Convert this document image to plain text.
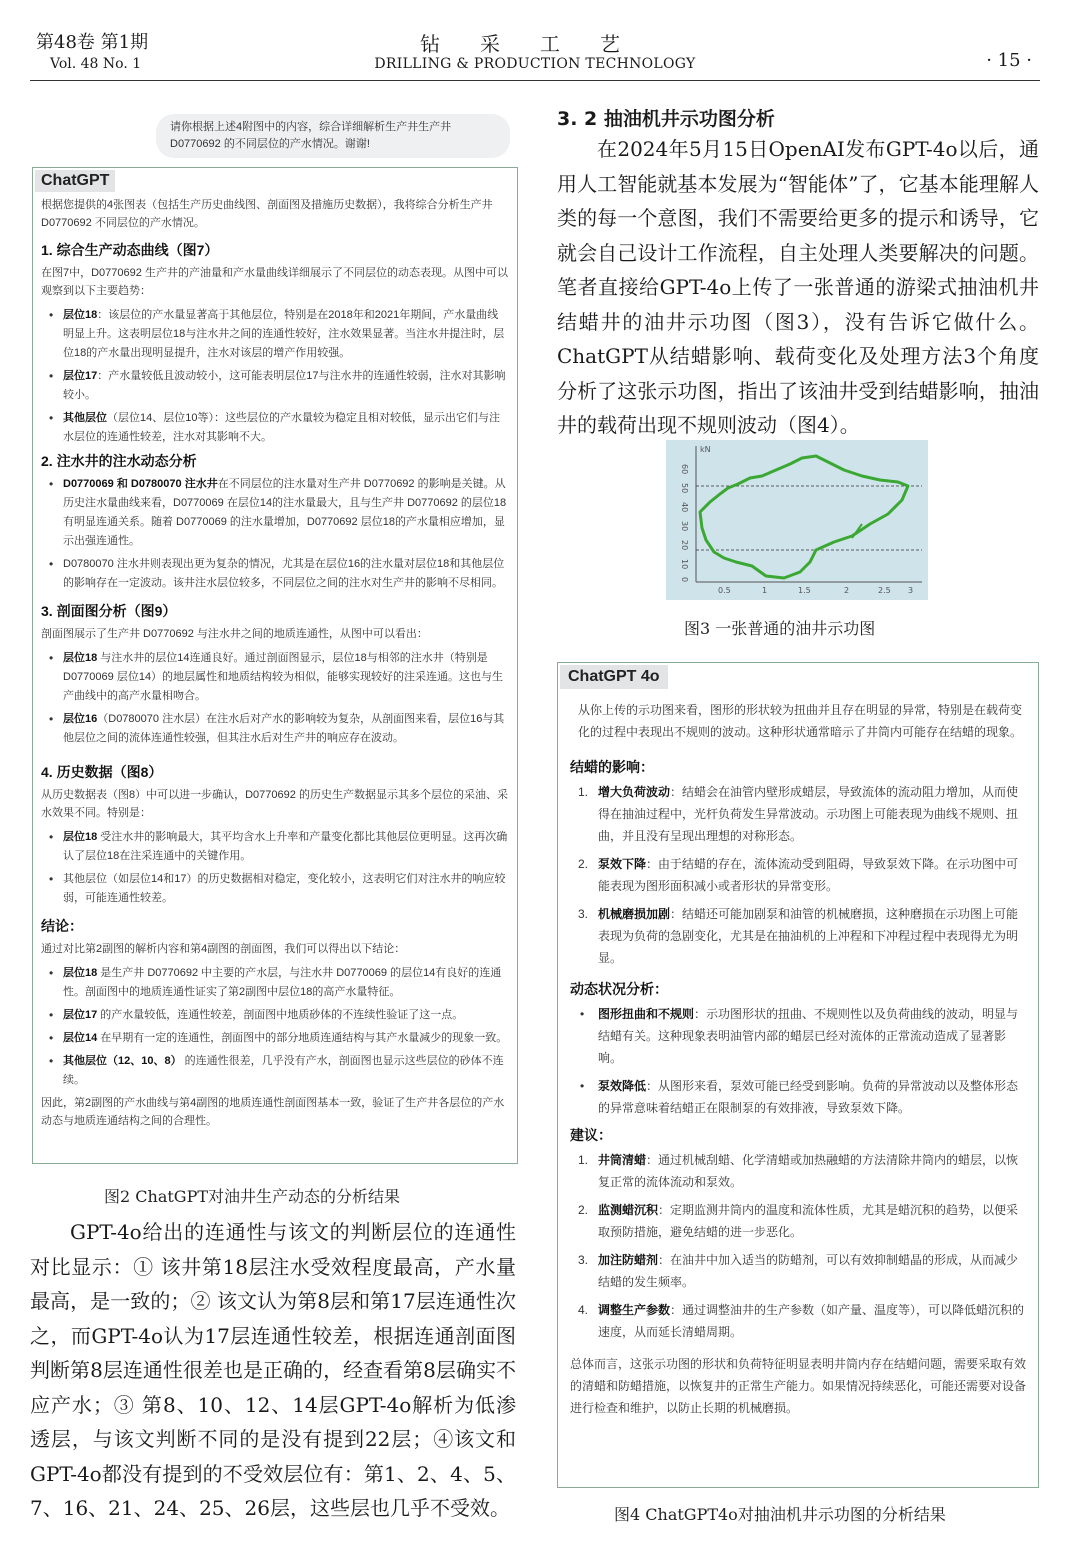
第48卷 第1期
Vol. 48 No. 1
钻采工艺
DRILLING & PRODUCTION TECHNOLOGY	· 15 ·
请你根据上述4附图中的内容，综合详细解析生产井生产井 D0770692 的不同层位的产水情况。谢谢!
ChatGPT

根据您提供的4张图表（包括生产历史曲线图、剖面图及措施历史数据），我将综合分析生产井 D0770692 不同层位的产水情况。

1. 综合生产动态曲线（图7）

在图7中，D0770692 生产井的产油量和产水量曲线详细展示了不同层位的动态表现。从图中可以观察到以下主要趋势：

• 层位18：该层位的产水量显著高于其他层位，特别是在2018年和2021年期间，产水量曲线明显上升。这表明层位18与注水井之间的连通性较好，注水效果显著。当注水井提注时，层位18的产水量出现明显提升，注水对该层的增产作用较强。
• 层位17：产水量较低且波动较小，这可能表明层位17与注水井的连通性较弱，注水对其影响较小。
• 其他层位（层位14、层位10等）：这些层位的产水量较为稳定且相对较低，显示出它们与注水层位的连通性较差，注水对其影响不大。
2. 注水井的注水动态分析
• D0770069 和 D0780070 注水井在不同层位的注水量对生产井 D0770692 的影响是关键。从历史注水量曲线来看，D0770069 在层位14的注水量最大，且与生产井 D0770692 的层位18有明显连通关系。随着 D0770069 的注水量增加，D0770692 层位18的产水量相应增加，显示出强连通性。
• D0780070 注水井则表现出更为复杂的情况，尤其是在层位16的注水量对层位18和其他层位的影响存在一定波动。该井注水层位较多，不同层位之间的注水对生产井的影响不尽相同。
3. 剖面图分析（图9）

剖面图展示了生产井 D0770692 与注水井之间的地质连通性，从图中可以看出：

• 层位18 与注水井的层位14连通良好。通过剖面图显示，层位18与相邻的注水井（特别是 D0770069 层位14）的地层属性和地质结构较为相似，能够实现较好的注采连通。这也与生产曲线中的高产水量相吻合。
• 层位16（D0780070 注水层）在注水后对产水的影响较为复杂，从剖面图来看，层位16与其他层位之间的流体连通性较强，但其注水后对生产井的响应存在波动。
4. 历史数据（图8）

从历史数据表（图8）中可以进一步确认，D0770692 的历史生产数据显示其多个层位的采油、采水效果不同。特别是：

• 层位18 受注水井的影响最大，其平均含水上升率和产量变化都比其他层位更明显。这再次确认了层位18在注采连通中的关键作用。
• 其他层位（如层位14和17）的历史数据相对稳定，变化较小，这表明它们对注水井的响应较弱，可能连通性较差。
结论：

通过对比第2副图的解析内容和第4副图的剖面图，我们可以得出以下结论：

• 层位18 是生产井 D0770692 中主要的产水层，与注水井 D0770069 的层位14有良好的连通性。剖面图中的地质连通性证实了第2副图中层位18的高产水量特征。
• 层位17 的产水量较低，连通性较差，剖面图中地质砂体的不连续性验证了这一点。
• 层位14 在早期有一定的连通性，剖面图中的部分地质连通结构与其产水量减少的现象一致。
• 其他层位（12、10、8） 的连通性很差，几乎没有产水，剖面图也显示这些层位的砂体不连续。

因此，第2副图的产水曲线与第4副图的地质连通性剖面图基本一致，验证了生产井各层位的产水动态与地质连通结构之间的合理性。

图2 ChatGPT对油井生产动态的分析结果
GPT-4o给出的连通性与该文的判断层位的连通性对比显示：① 该井第18层注水受效程度最高，产水量最高，是一致的；② 该文认为第8层和第17层连通性次之，而GPT-4o认为17层连通性较差，根据连通剖面图判断第8层连通性很差也是正确的，经查看第8层确实不应产水；③ 第8、10、12、14层GPT-4o解析为低渗透层，与该文判断不同的是没有提到22层；④该文和GPT-4o都没有提到的不受效层位有：第1、2、4、5、7、16、21、24、25、26层，这些层也几乎不受效。
3. 2 抽油机井示功图分析
在2024年5月15日OpenAI发布GPT-4o以后，通用人工智能就基本发展为“智能体”了，它基本能理解人类的每一个意图，我们不需要给更多的提示和诱导，它就会自己设计工作流程，自主处理人类要解决的问题。笔者直接给GPT-4o上传了一张普通的游梁式抽油机井结蜡井的油井示功图（图3），没有告诉它做什么。ChatGPT从结蜡影响、载荷变化及处理方法3个角度分析了这张示功图，指出了该油井受到结蜡影响，抽油井的载荷出现不规则波动（图4）。
kN
60
50
40
30
20
10
0
0.5	1	1.5	2	2.5 3
图3 一张普通的油井示功图
ChatGPT 4o

从你上传的示功图来看，图形的形状较为扭曲并且存在明显的异常，特别是在载荷变化的过程中表现出不规则的波动。这种形状通常暗示了井筒内可能存在结蜡的现象。

结蜡的影响：
1. 增大负荷波动：结蜡会在油管内壁形成蜡层，导致流体的流动阻力增加，从而使得在抽油过程中，光杆负荷发生异常波动。示功图上可能表现为曲线不规则、扭曲，并且没有呈现出理想的对称形态。
2. 泵效下降：由于结蜡的存在，流体流动受到阻碍，导致泵效下降。在示功图中可能表现为图形面积减小或者形状的异常变形。
3. 机械磨损加剧：结蜡还可能加剧泵和油管的机械磨损，这种磨损在示功图上可能表现为负荷的急剧变化，尤其是在抽油机的上冲程和下冲程过程中表现得尤为明显。
动态状况分析：
• 图形扭曲和不规则：示功图形状的扭曲、不规则性以及负荷曲线的波动，明显与结蜡有关。这种现象表明油管内部的蜡层已经对流体的正常流动造成了显著影响。
• 泵效降低：从图形来看，泵效可能已经受到影响。负荷的异常波动以及整体形态的异常意味着结蜡正在限制泵的有效排液，导致泵效下降。
建议：
1. 井筒清蜡：通过机械刮蜡、化学清蜡或加热融蜡的方法清除井筒内的蜡层，以恢复正常的流体流动和泵效。
2. 监测蜡沉积：定期监测井筒内的温度和流体性质，尤其是蜡沉积的趋势，以便采取预防措施，避免结蜡的进一步恶化。
3. 加注防蜡剂：在油井中加入适当的防蜡剂，可以有效抑制蜡晶的形成，从而减少结蜡的发生频率。
4. 调整生产参数：通过调整油井的生产参数（如产量、温度等），可以降低蜡沉积的速度，从而延长清蜡周期。

总体而言，这张示功图的形状和负荷特征明显表明井筒内存在结蜡问题，需要采取有效的清蜡和防蜡措施，以恢复井的正常生产能力。如果情况持续恶化，可能还需要对设备进行检查和维护，以防止长期的机械磨损。

图4 ChatGPT4o对抽油机井示功图的分析结果
